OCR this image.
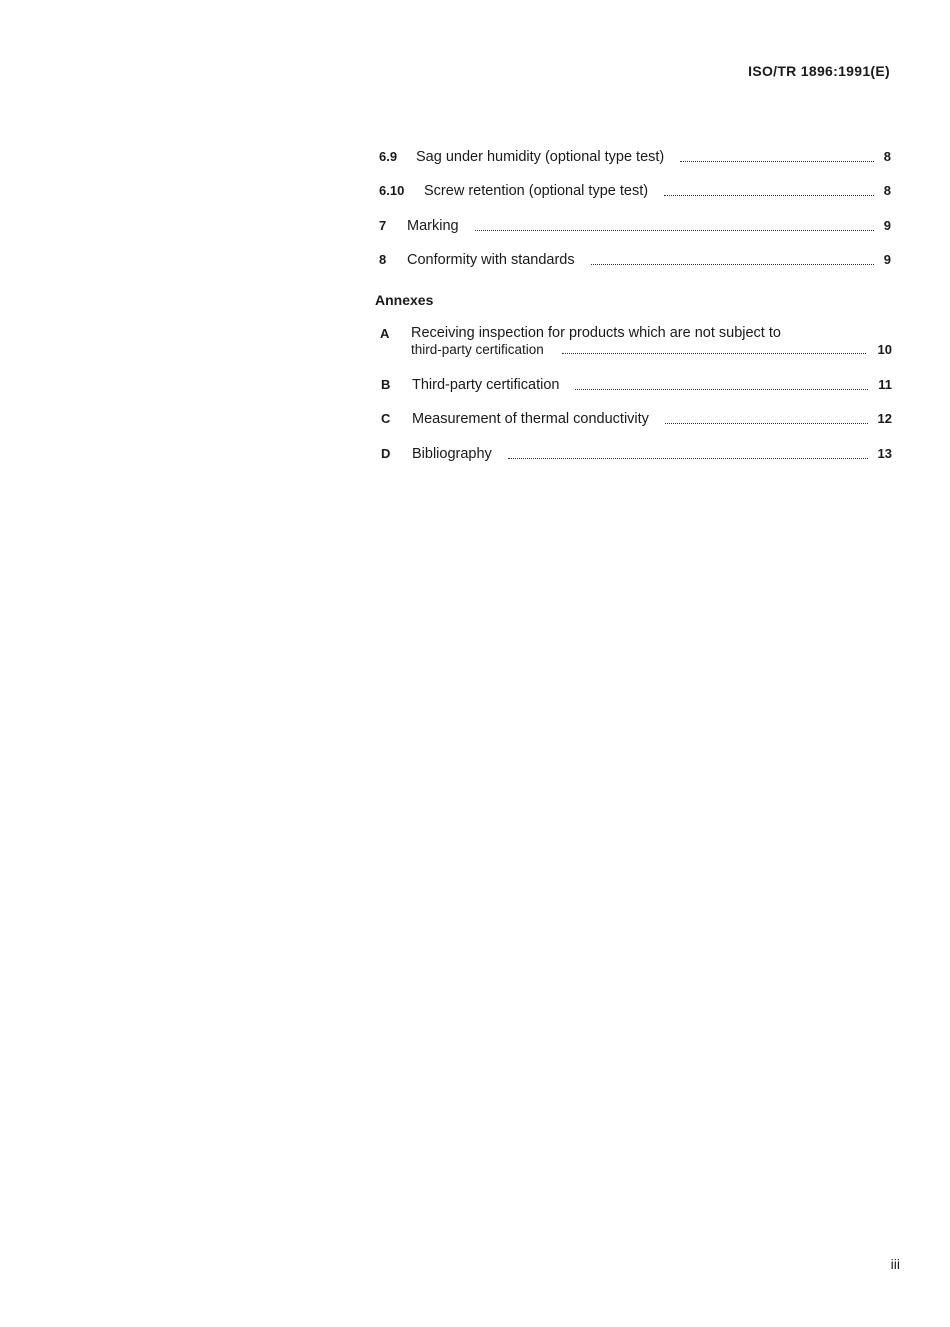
ISO/TR 1896:1991(E)
6.9	Sag under humidity (optional type test)	8
6.10	Screw retention (optional type test)	8
7	Marking	9
8	Conformity with standards	9
Annexes
A Receiving inspection for products which are not subject to
third-party certification	10
B	Third-party certification	11
C	Measurement of thermal conductivity	12
D	Bibliography	13
iii
